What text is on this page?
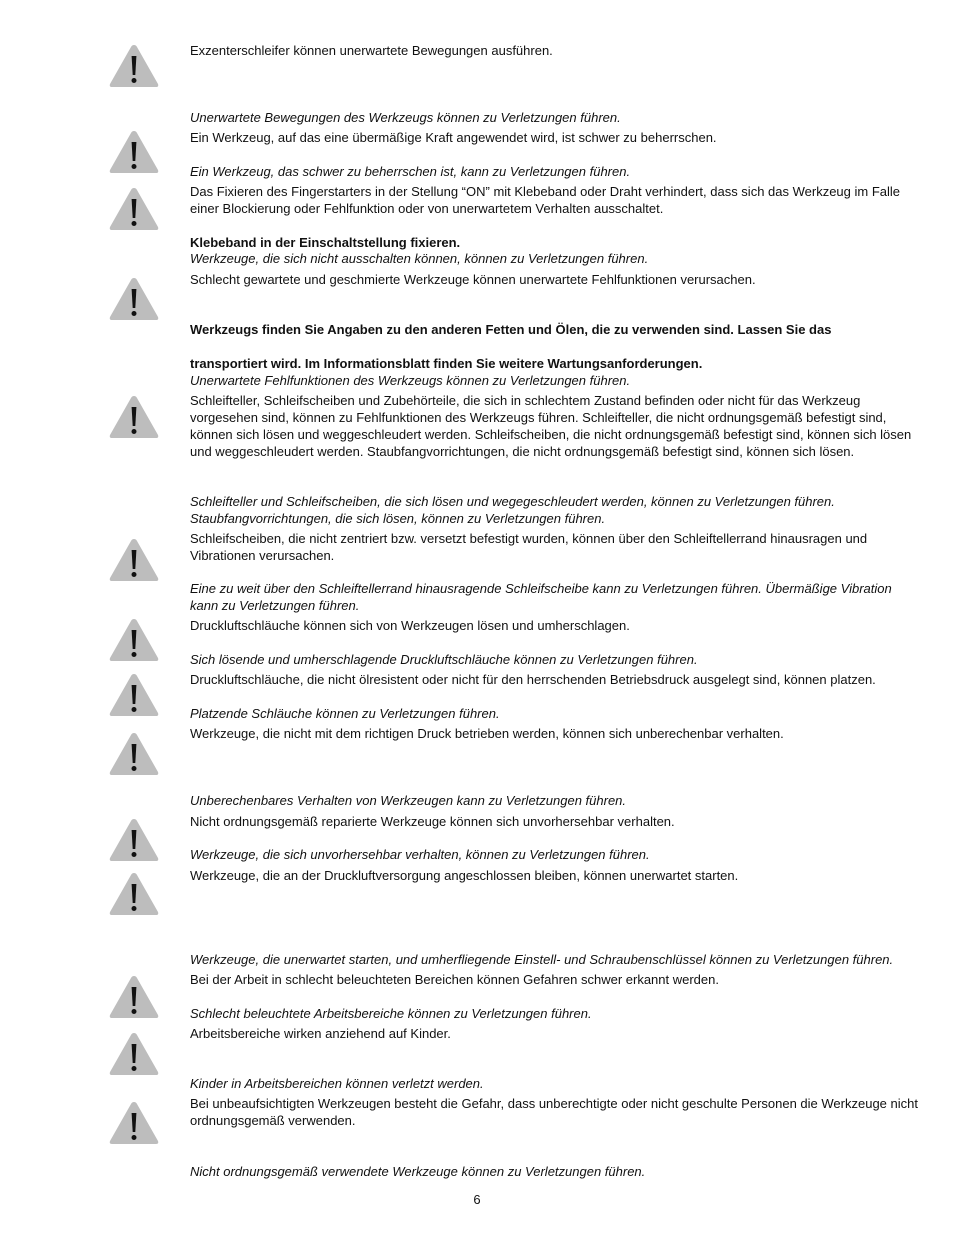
Exzenterschleifer können unerwartete Bewegungen ausführen.

Unerwartete Bewegungen des Werkzeugs können zu Verletzungen führen.

Ein Werkzeug, auf das eine übermäßige Kraft angewendet wird, ist schwer zu beherrschen.

Ein Werkzeug, das schwer zu beherrschen ist, kann zu Verletzungen führen.

Das Fixieren des Fingerstarters in der Stellung “ON” mit Klebeband oder Draht verhindert, dass sich das Werkzeug im Falle einer Blockierung oder Fehlfunktion oder von unerwartetem Verhalten ausschaltet.

Klebeband in der Einschaltstellung fixieren.

Werkzeuge, die sich nicht ausschalten können, können zu Verletzungen führen.

Schlecht gewartete und geschmierte Werkzeuge können unerwartete Fehlfunktionen verursachen.

Werkzeugs finden Sie Angaben zu den anderen Fetten und Ölen, die zu verwenden sind. Lassen Sie das

transportiert wird. Im Informationsblatt finden Sie weitere Wartungsanforderungen.

Unerwartete Fehlfunktionen des Werkzeugs können zu Verletzungen führen.

Schleifteller, Schleifscheiben und Zubehörteile, die sich in schlechtem Zustand befinden oder nicht für das Werkzeug vorgesehen sind, können zu Fehlfunktionen des Werkzeugs führen. Schleifteller, die nicht ordnungsgemäß befestigt sind, können sich lösen und weggeschleudert werden. Schleifscheiben, die nicht ordnungsgemäß befestigt sind, können sich lösen und weggeschleudert werden. Staubfangvorrichtungen, die nicht ordnungsgemäß befestigt sind, können sich lösen.

Schleifteller und Schleifscheiben, die sich lösen und wegegeschleudert werden, können zu Verletzungen führen.

Staubfangvorrichtungen, die sich lösen, können zu Verletzungen führen.

Schleifscheiben, die nicht zentriert bzw. versetzt befestigt wurden, können über den Schleiftellerrand hinausragen und Vibrationen verursachen.

Eine zu weit über den Schleiftellerrand hinausragende Schleifscheibe kann zu Verletzungen führen. Übermäßige Vibration kann zu Verletzungen führen.

Druckluftschläuche können sich von Werkzeugen lösen und umherschlagen.

Sich lösende und umherschlagende Druckluftschläuche können zu Verletzungen führen.

Druckluftschläuche, die nicht ölresistent oder nicht für den herrschenden Betriebsdruck ausgelegt sind, können platzen.

Platzende Schläuche können zu Verletzungen führen.

Werkzeuge, die nicht mit dem richtigen Druck betrieben werden, können sich unberechenbar verhalten.

Unberechenbares Verhalten von Werkzeugen kann zu Verletzungen führen.

Nicht ordnungsgemäß reparierte Werkzeuge können sich unvorhersehbar verhalten.

Werkzeuge, die sich unvorhersehbar verhalten, können zu Verletzungen führen.

Werkzeuge, die an der Druckluftversorgung angeschlossen bleiben, können unerwartet starten.

Werkzeuge, die unerwartet starten, und umherfliegende Einstell- und Schraubenschlüssel können zu Verletzungen führen.

Bei der Arbeit in schlecht beleuchteten Bereichen können Gefahren schwer erkannt werden.

Schlecht beleuchtete Arbeitsbereiche können zu Verletzungen führen.

Arbeitsbereiche wirken anziehend auf Kinder.

Kinder in Arbeitsbereichen können verletzt werden.

Bei unbeaufsichtigten Werkzeugen besteht die Gefahr, dass unberechtigte oder nicht geschulte Personen die Werkzeuge nicht ordnungsgemäß verwenden.

Nicht ordnungsgemäß verwendete Werkzeuge können zu Verletzungen führen.

6
